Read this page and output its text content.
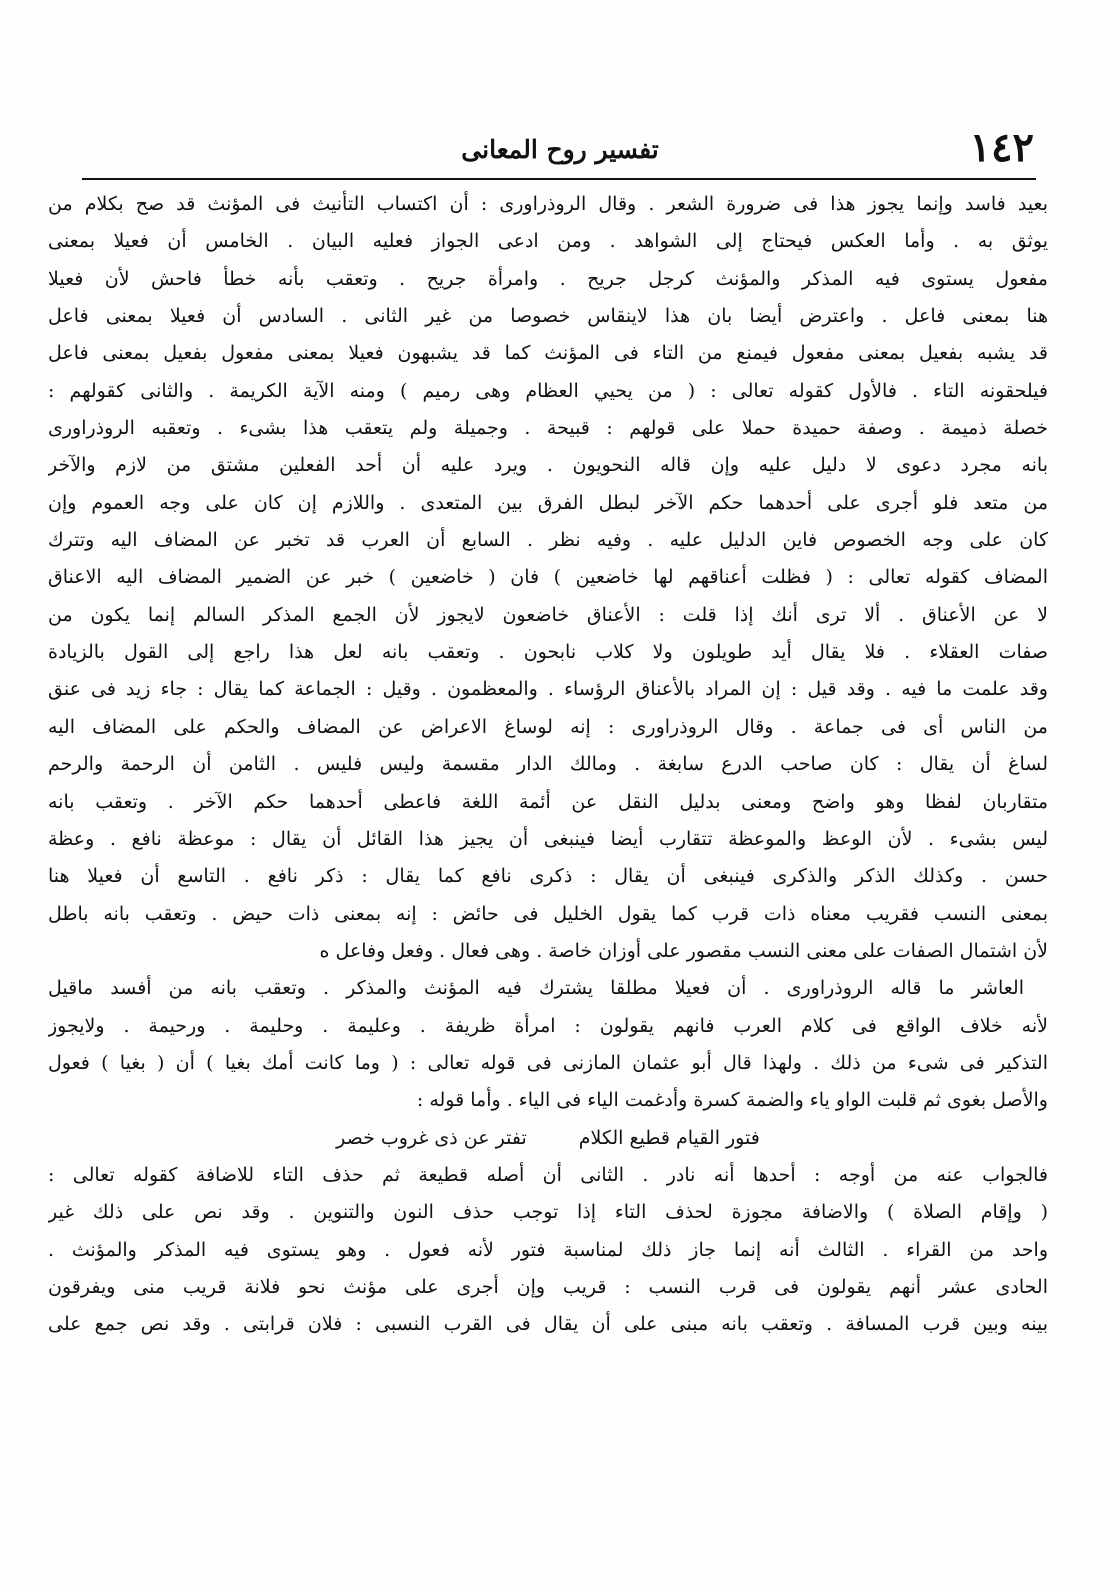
١٤٢
تفسير روح المعانى
بعيد فاسد وإنما يجوز هذا فى ضرورة الشعر . وقال الروذراورى : أن اكتساب التأنيث فى المؤنث قد صح بكلام من
يوثق به . وأما العكس فيحتاج إلى الشواهد . ومن ادعى الجواز فعليه البيان . الخامس أن فعيلا بمعنى
مفعول يستوى فيه المذكر والمؤنث كرجل جريح . وامرأة جريح . وتعقب بأنه خطأ فاحش لأن فعيلا
هنا بمعنى فاعل . واعترض أيضا بان هذا لاينقاس خصوصا من غير الثانى . السادس أن فعيلا بمعنى فاعل
قد يشبه بفعيل بمعنى مفعول فيمنع من التاء فى المؤنث كما قد يشبهون فعيلا بمعنى مفعول بفعيل بمعنى فاعل
فيلحقونه التاء . فالأول كقوله تعالى : ( من يحيي العظام وهى رميم ) ومنه الآية الكريمة . والثانى كقولهم :
خصلة ذميمة . وصفة حميدة حملا على قولهم : قبيحة . وجميلة ولم يتعقب هذا بشىء . وتعقبه الروذراورى
بانه مجرد دعوى لا دليل عليه وإن قاله النحويون . ويرد عليه أن أحد الفعلين مشتق من لازم والآخر
من متعد فلو أجرى على أحدهما حكم الآخر لبطل الفرق بين المتعدى . واللازم إن كان على وجه العموم وإن
كان على وجه الخصوص فاين الدليل عليه . وفيه نظر . السابع أن العرب قد تخبر عن المضاف اليه وتترك
المضاف كقوله تعالى : ( فظلت أعناقهم لها خاضعين ) فان ( خاضعين ) خبر عن الضمير المضاف اليه الاعناق
لا عن الأعناق . ألا ترى أنك إذا قلت : الأعناق خاضعون لايجوز لأن الجمع المذكر السالم إنما يكون من
صفات العقلاء . فلا يقال أيد طويلون ولا كلاب نابحون . وتعقب بانه لعل هذا راجع إلى القول بالزيادة
وقد علمت ما فيه . وقد قيل : إن المراد بالأعناق الرؤساء . والمعظمون . وقيل : الجماعة كما يقال : جاء زيد فى عنق
من الناس أى فى جماعة . وقال الروذراورى : إنه لوساغ الاعراض عن المضاف والحكم على المضاف اليه
لساغ أن يقال : كان صاحب الدرع سابغة . ومالك الدار مقسمة وليس فليس . الثامن أن الرحمة والرحم
متقاربان لفظا وهو واضح ومعنى بدليل النقل عن أئمة اللغة فاعطى أحدهما حكم الآخر . وتعقب بانه
ليس بشىء . لأن الوعظ والموعظة تتقارب أيضا فينبغى أن يجيز هذا القائل أن يقال : موعظة نافع . وعظة
حسن . وكذلك الذكر والذكرى فينبغى أن يقال : ذكرى نافع كما يقال : ذكر نافع . التاسع أن فعيلا هنا
بمعنى النسب فقريب معناه ذات قرب كما يقول الخليل فى حائض : إنه بمعنى ذات حيض . وتعقب بانه باطل
لأن اشتمال الصفات على معنى النسب مقصور على أوزان خاصة . وهى فعال . وفعل وفاعل ه
العاشر ما قاله الروذراورى . أن فعيلا مطلقا يشترك فيه المؤنث والمذكر . وتعقب بانه من أفسد ماقيل
لأنه خلاف الواقع فى كلام العرب فانهم يقولون : امرأة ظريفة . وعليمة . وحليمة . ورحيمة . ولايجوز
التذكير فى شىء من ذلك . ولهذا قال أبو عثمان المازنى فى قوله تعالى : ( وما كانت أمك بغيا ) أن ( بغيا ) فعول
والأصل بغوى ثم قلبت الواو ياء والضمة كسرة وأدغمت الياء فى الياء . وأما قوله :
فتور القيام قطيع الكلامتفتر عن ذى غروب خصر
فالجواب عنه من أوجه : أحدها أنه نادر . الثانى أن أصله قطيعة ثم حذف التاء للاضافة كقوله تعالى :
( وإقام الصلاة ) والاضافة مجوزة لحذف التاء إذا توجب حذف النون والتنوين . وقد نص على ذلك غير
واحد من القراء . الثالث أنه إنما جاز ذلك لمناسبة فتور لأنه فعول . وهو يستوى فيه المذكر والمؤنث .
الحادى عشر أنهم يقولون فى قرب النسب : قريب وإن أجرى على مؤنث نحو فلانة قريب منى ويفرقون
بينه وبين قرب المسافة . وتعقب بانه مبنى على أن يقال فى القرب النسبى : فلان قرابتى . وقد نص جمع على
